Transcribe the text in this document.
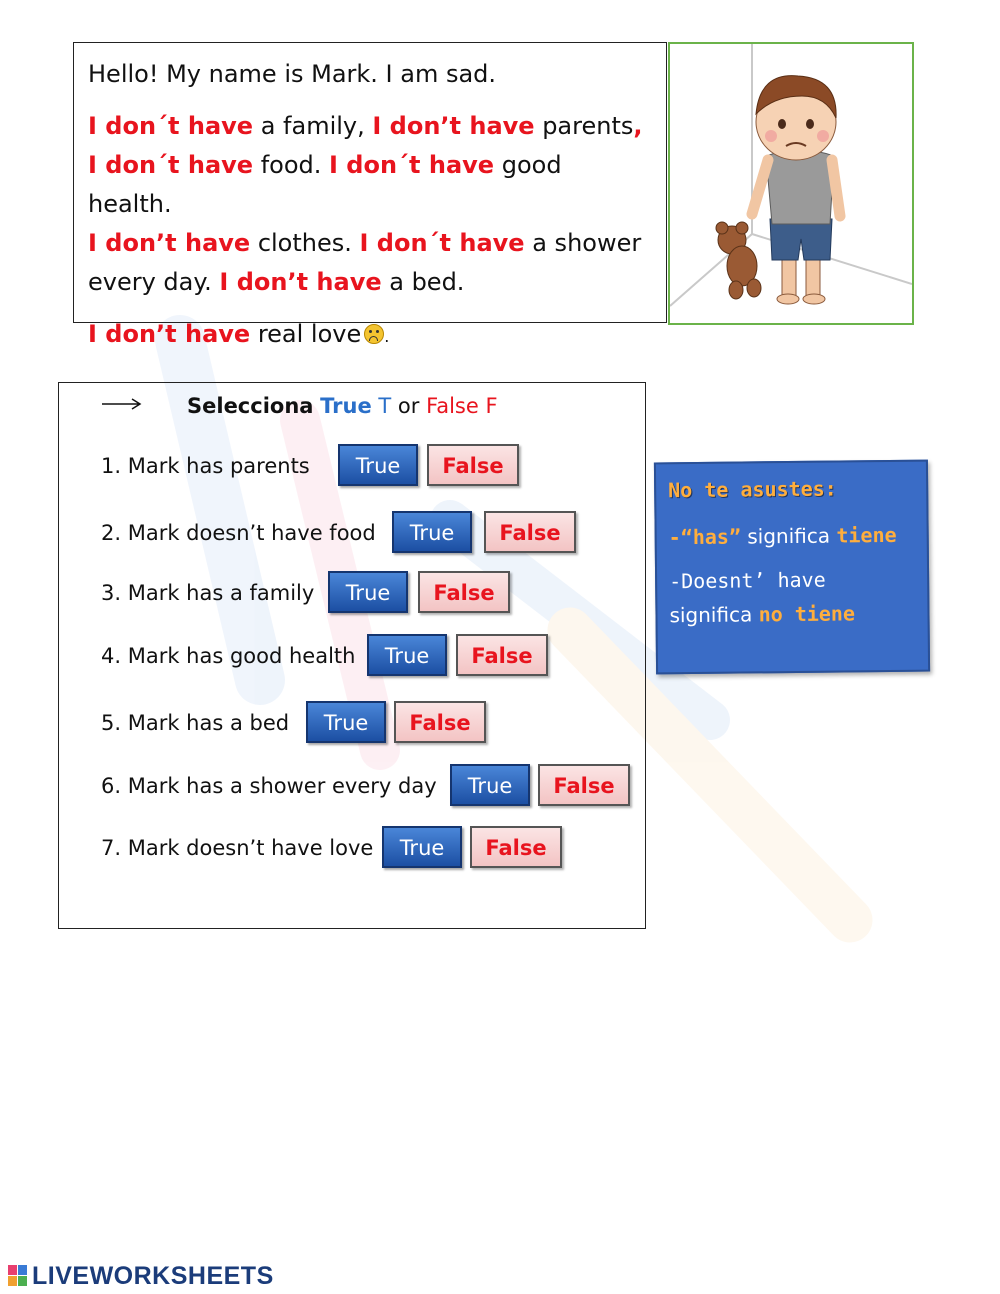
Hello! My name is Mark. I am sad.

I don´t have a family, I don’t have parents,

I don´t have food. I don´t have good health.

I don’t have clothes. I don´t have a shower

every day. I don’t have a bed.

I don’t have real love .

Selecciona True T or False F
1. Mark has parents	True	False
2. Mark doesn’t have food	True	False
3. Mark has a family	True	False
4. Mark has good health	True	False
5. Mark has a bed	True	False
6. Mark has a shower every day	True	False
7. Mark doesn’t have love	True	False
No te asustes:
-“has” significa tiene
-Doesnt’ have
significa no tiene
LIVEWORKSHEETS
